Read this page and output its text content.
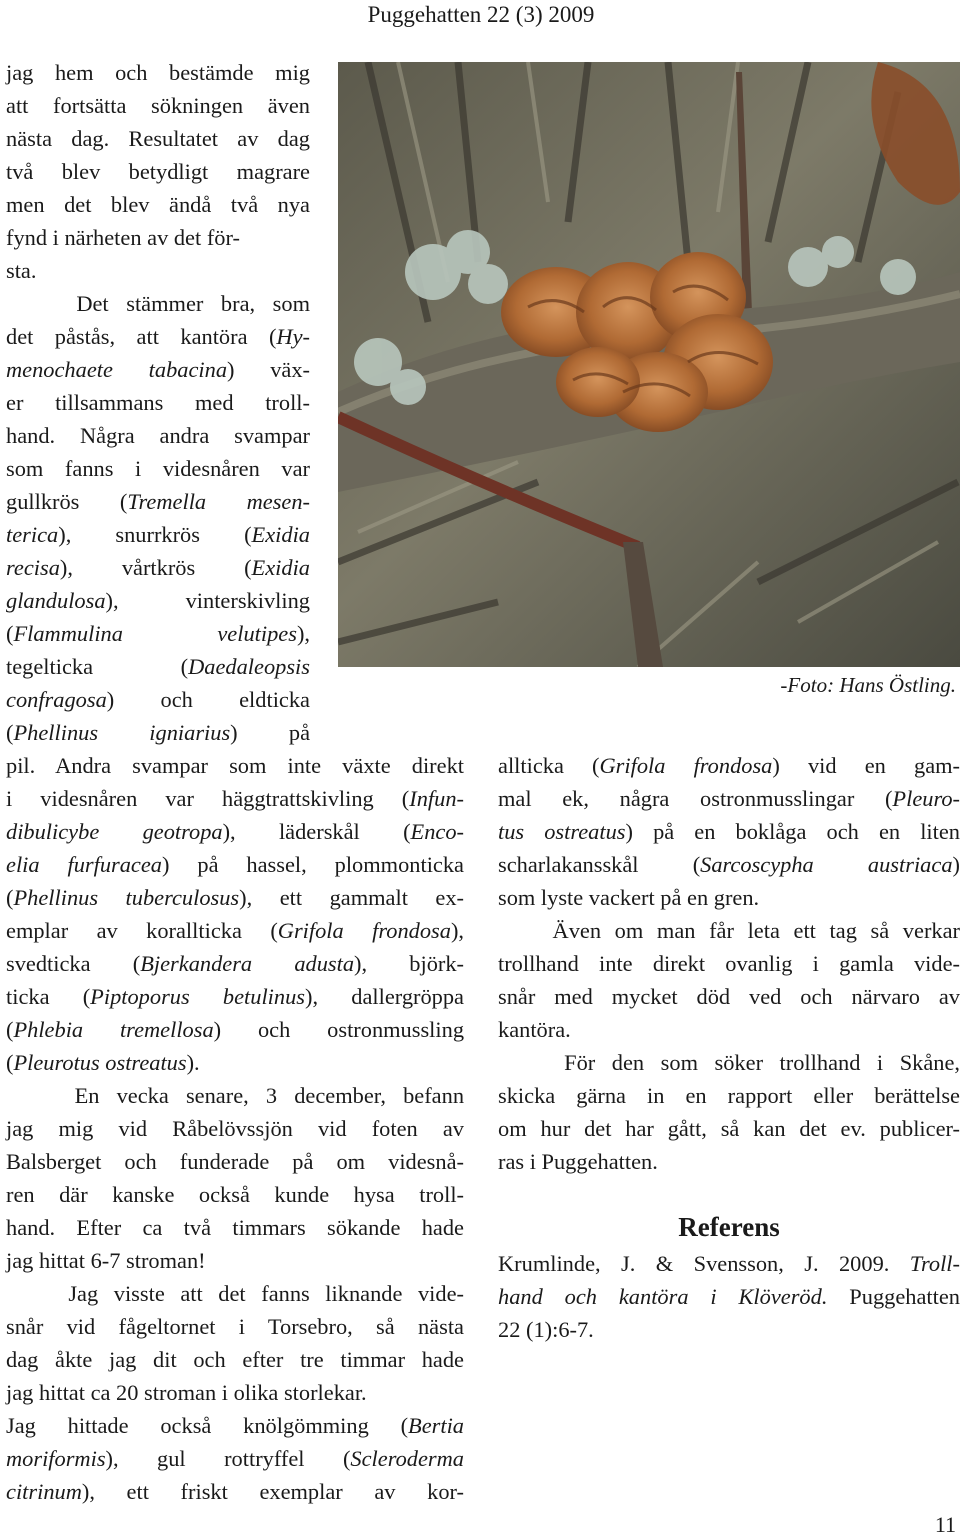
Puggehatten 22 (3) 2009
-Foto: Hans Östling.
jag hem och bestämde mig
att fortsätta sökningen även
nästa dag. Resultatet av dag
två blev betydligt magrare
men det blev ändå två nya
fynd i närheten av det för-
sta.
Det stämmer bra, som
det påstås, att kantöra (Hy-
menochaete tabacina) väx-
er tillsammans med troll-
hand. Några andra svampar
som fanns i videsnåren var
gullkrös (Tremella mesen-
terica), snurrkrös (Exidia
recisa), vårtkrös (Exidia
glandulosa), vinterskivling
(Flammulina velutipes),
tegelticka (Daedaleopsis
confragosa) och eldticka
(Phellinus igniarius) på
pil. Andra svampar som inte växte direkt
i videsnåren var häggtrattskivling (Infun-
dibulicybe geotropa), läderskål (Enco-
elia furfuracea) på hassel, plommonticka
(Phellinus tuberculosus), ett gammalt ex-
emplar av korallticka (Grifola frondosa),
svedticka (Bjerkandera adusta), björk-
ticka (Piptoporus betulinus), dallergröppa
(Phlebia tremellosa) och ostronmussling
(Pleurotus ostreatus).
En vecka senare, 3 december, befann
jag mig vid Råbelövssjön vid foten av
Balsberget och funderade på om videsnå-
ren där kanske också kunde hysa troll-
hand. Efter ca två timmars sökande hade
jag hittat 6-7 stroman!
Jag visste att det fanns liknande vide-
snår vid fågeltornet i Torsebro, så nästa
dag åkte jag dit och efter tre timmar hade
jag hittat ca 20 stroman i olika storlekar.
Jag hittade också knölgömming (Bertia
moriformis), gul rottryffel (Scleroderma
citrinum), ett friskt exemplar av kor-
allticka (Grifola frondosa) vid en gam-
mal ek, några ostronmusslingar (Pleuro-
tus ostreatus) på en boklåga och en liten
scharlakansskål (Sarcoscypha austriaca)
som lyste vackert på en gren.
Även om man får leta ett tag så verkar
trollhand inte direkt ovanlig i gamla vide-
snår med mycket död ved och närvaro av
kantöra.
För den som söker trollhand i Skåne,
skicka gärna in en rapport eller berättelse
om hur det har gått, så kan det ev. publicer-
ras i Puggehatten.
Referens
Krumlinde, J. & Svensson, J. 2009. Troll-
hand och kantöra i Klöveröd. Puggehatten
22 (1):6-7.
11
